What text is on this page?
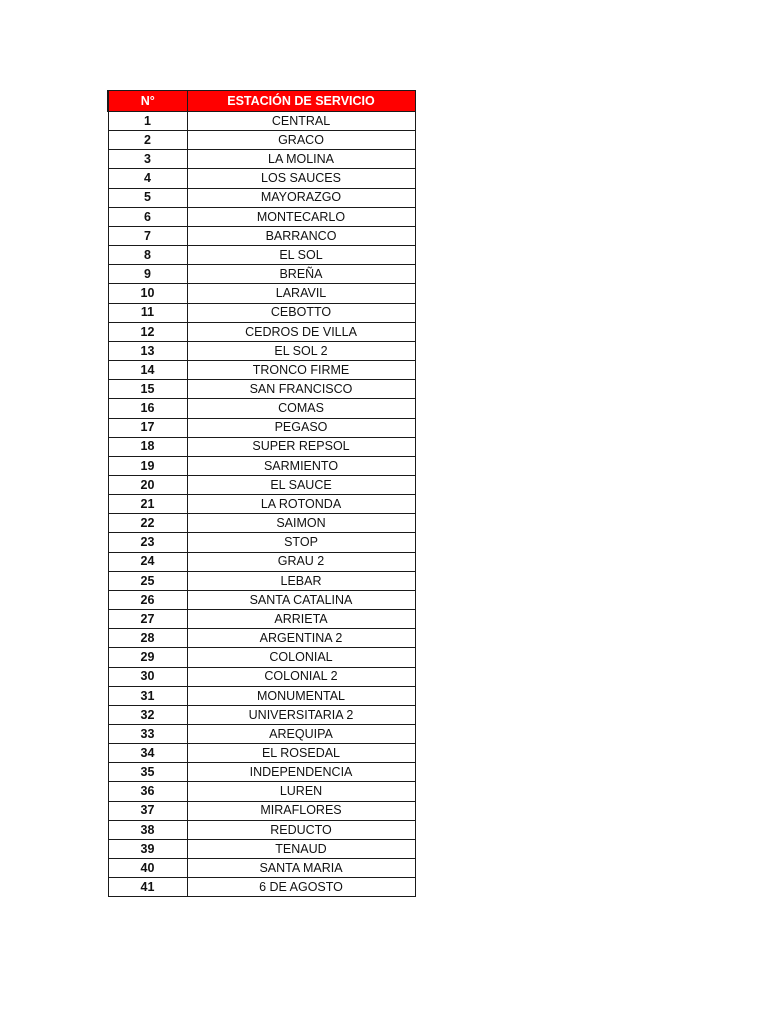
N°	ESTACIÓN DE SERVICIO
1	CENTRAL
2	GRACO
3	LA MOLINA
4	LOS SAUCES
5	MAYORAZGO
6	MONTECARLO
7	BARRANCO
8	EL SOL
9	BREÑA
10	LARAVIL
11	CEBOTTO
12	CEDROS DE VILLA
13	EL SOL 2
14	TRONCO FIRME
15	SAN FRANCISCO
16	COMAS
17	PEGASO
18	SUPER REPSOL
19	SARMIENTO
20	EL SAUCE
21	LA ROTONDA
22	SAIMON
23	STOP
24	GRAU 2
25	LEBAR
26	SANTA CATALINA
27	ARRIETA
28	ARGENTINA 2
29	COLONIAL
30	COLONIAL 2
31	MONUMENTAL
32	UNIVERSITARIA 2
33	AREQUIPA
34	EL ROSEDAL
35	INDEPENDENCIA
36	LUREN
37	MIRAFLORES
38	REDUCTO
39	TENAUD
40	SANTA MARIA
41	6 DE AGOSTO
